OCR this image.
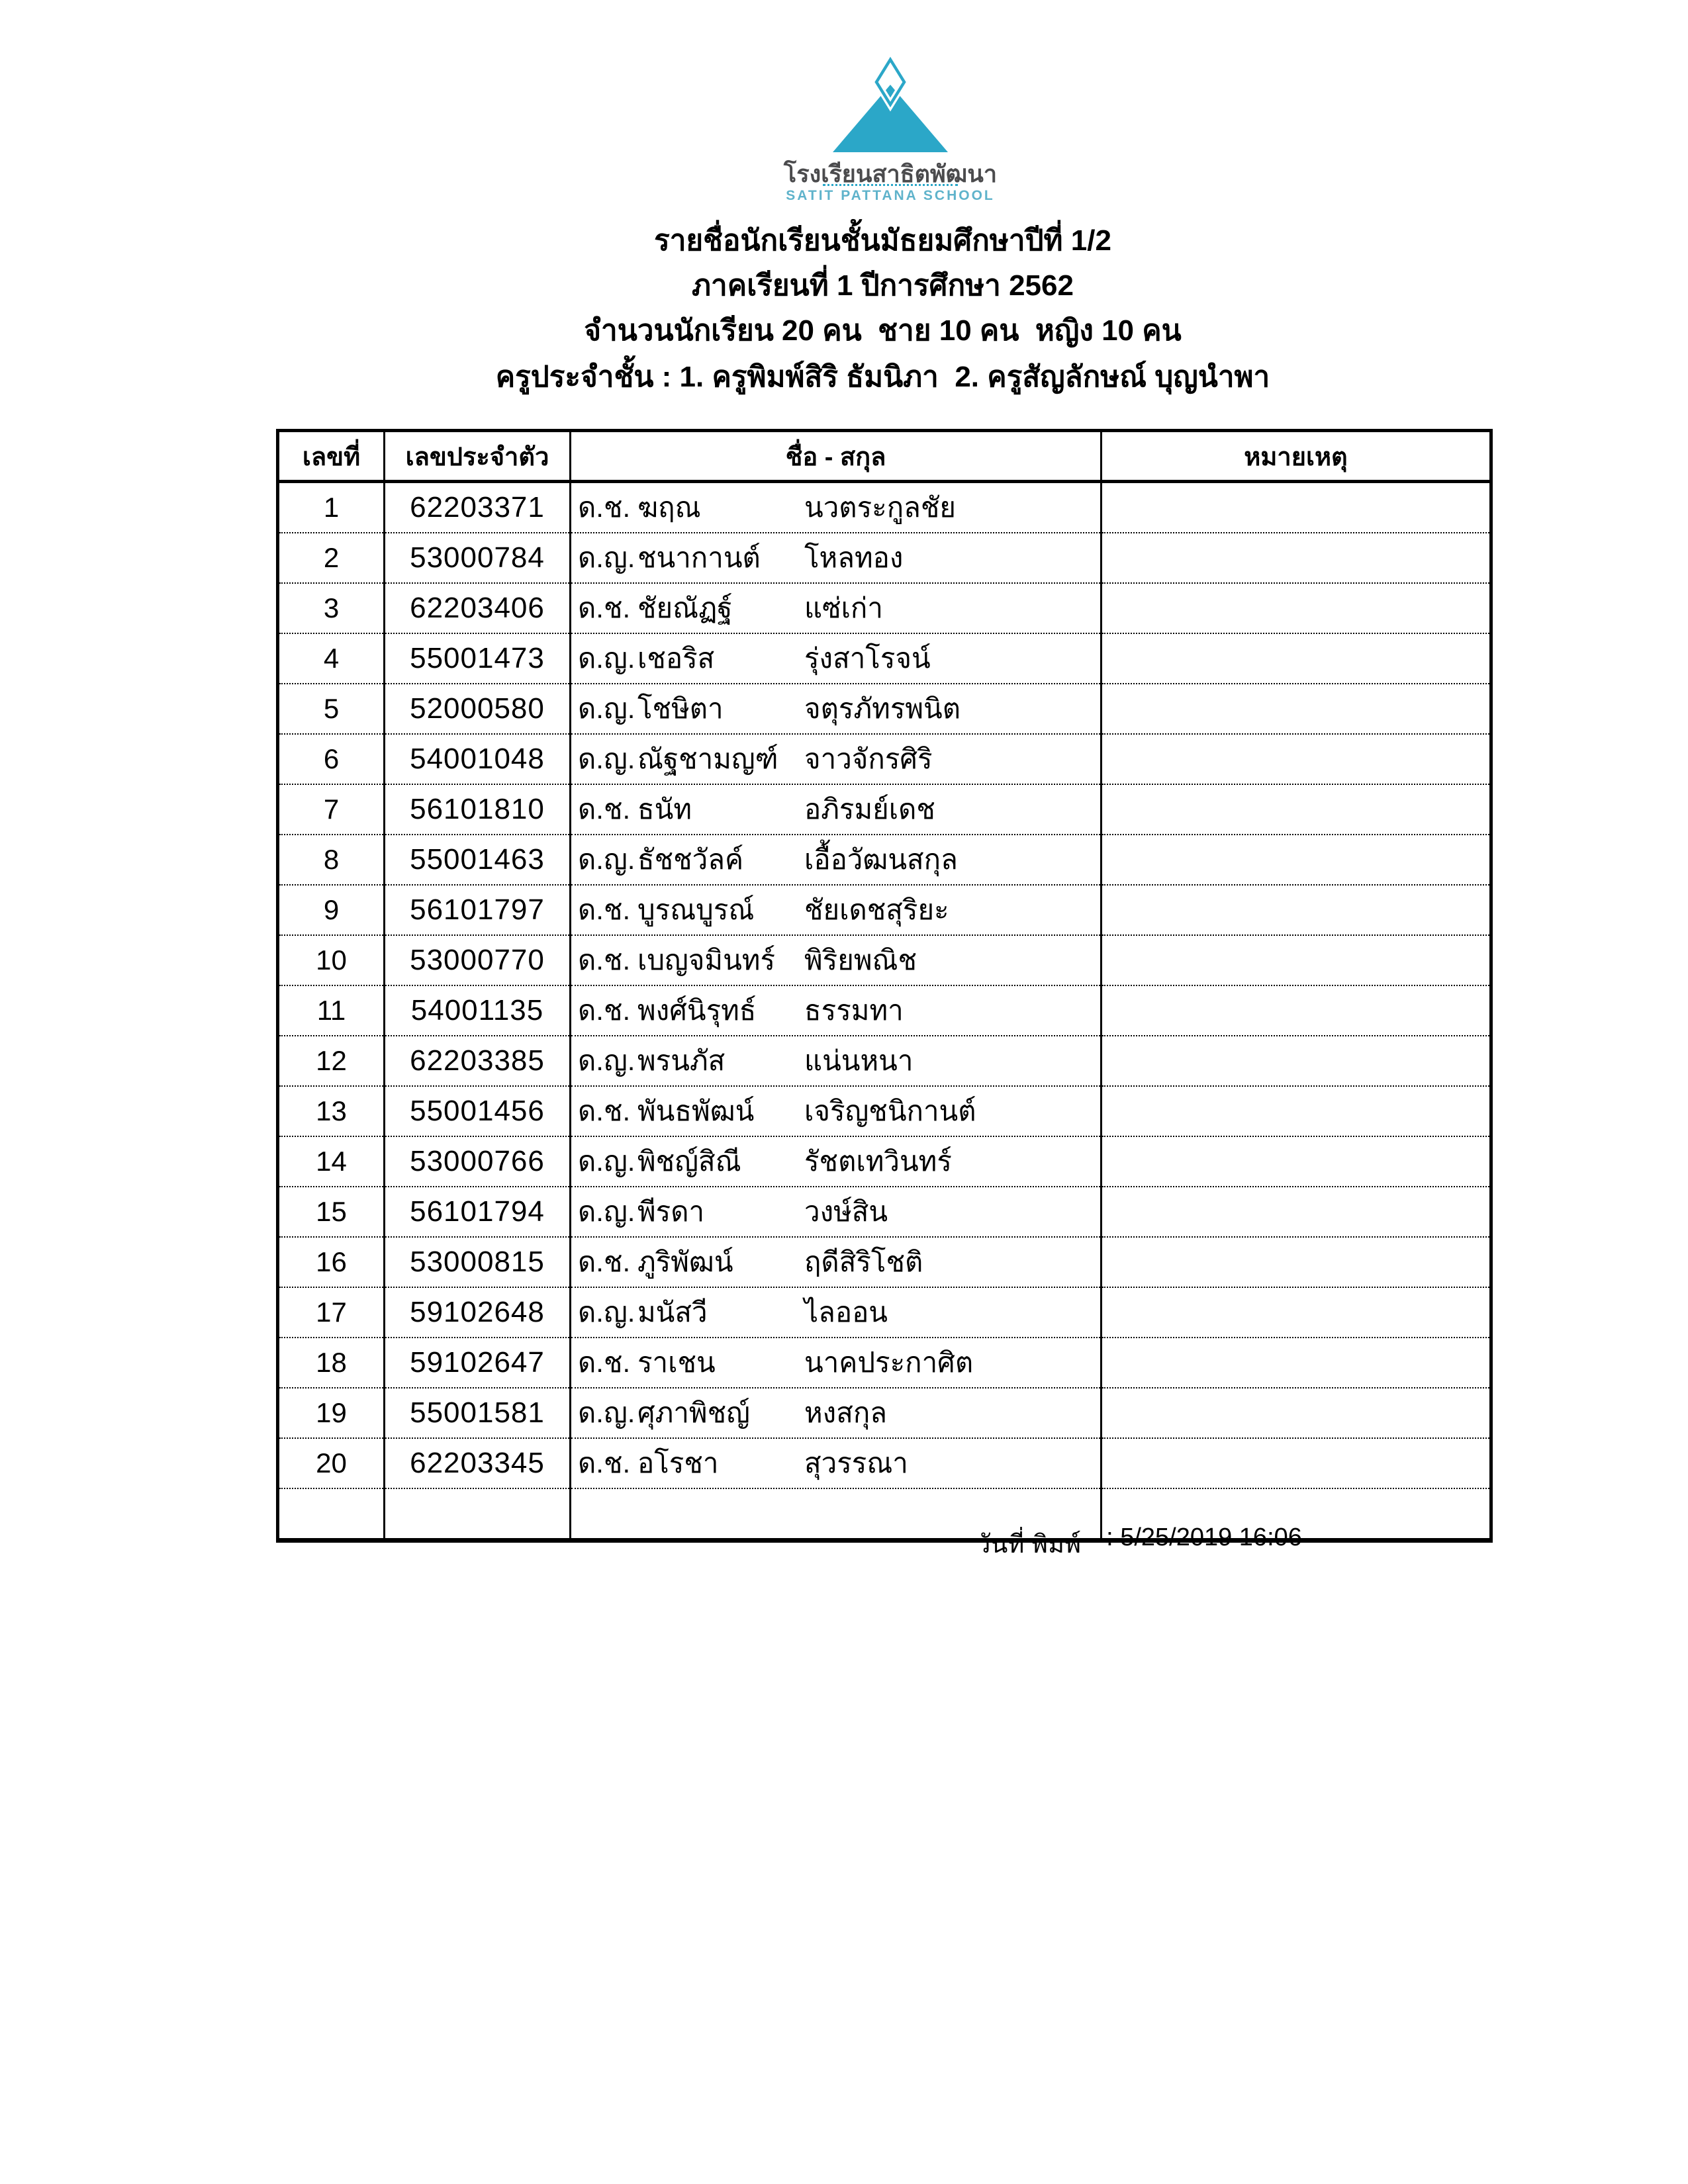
โรงเรียนสาธิตพัฒนา
SATIT PATTANA SCHOOL
รายชื่อนักเรียนชั้นมัธยมศึกษาปีที่ 1/2
ภาคเรียนที่ 1 ปีการศึกษา 2562
จำนวนนักเรียน 20 คน  ชาย 10 คน  หญิง 10 คน
ครูประจำชั้น : 1. ครูพิมพ์สิริ ธัมนิภา  2. ครูสัญลักษณ์ บุญนำพา
เลขที่	เลขประจำตัว	ชื่อ - สกุล	หมายเหตุ
1	62203371	ด.ช. ฆฤณ นวตระกูลชัย	

2	53000784	ด.ญ. ชนากานต์ โหลทอง	

3	62203406	ด.ช. ชัยณัฏฐ์ แซ่เก่า	

4	55001473	ด.ญ. เชอริส รุ่งสาโรจน์	

5	52000580	ด.ญ. โชษิตา จตุรภัทรพนิต	

6	54001048	ด.ญ. ณัฐชามญฑ์ จาวจักรศิริ	

7	56101810	ด.ช. ธนัท อภิรมย์เดช	

8	55001463	ด.ญ. ธัชชวัลค์ เอื้อวัฒนสกุล	

9	56101797	ด.ช. บูรณบูรณ์ ชัยเดชสุริยะ	

10	53000770	ด.ช. เบญจมินทร์ พิริยพณิช	

11	54001135	ด.ช. พงศ์นิรุทธ์ ธรรมทา	

12	62203385	ด.ญ. พรนภัส แน่นหนา	

13	55001456	ด.ช. พันธพัฒน์ เจริญชนิกานต์	

14	53000766	ด.ญ. พิชญ์สิณี รัชตเทวินทร์	

15	56101794	ด.ญ. พีรดา วงษ์สิน	

16	53000815	ด.ช. ภูริพัฒน์ ฤดีสิริโชติ	

17	59102648	ด.ญ. มนัสวี ไลออน	

18	59102647	ด.ช. ราเชน นาคประกาศิต	

19	55001581	ด.ญ. ศุภาพิชญ์ หงสกุล	

20	62203345	ด.ช. อโรชา สุวรรณา	

วันที่ พิมพ์ : 5/25/2019 16:06
